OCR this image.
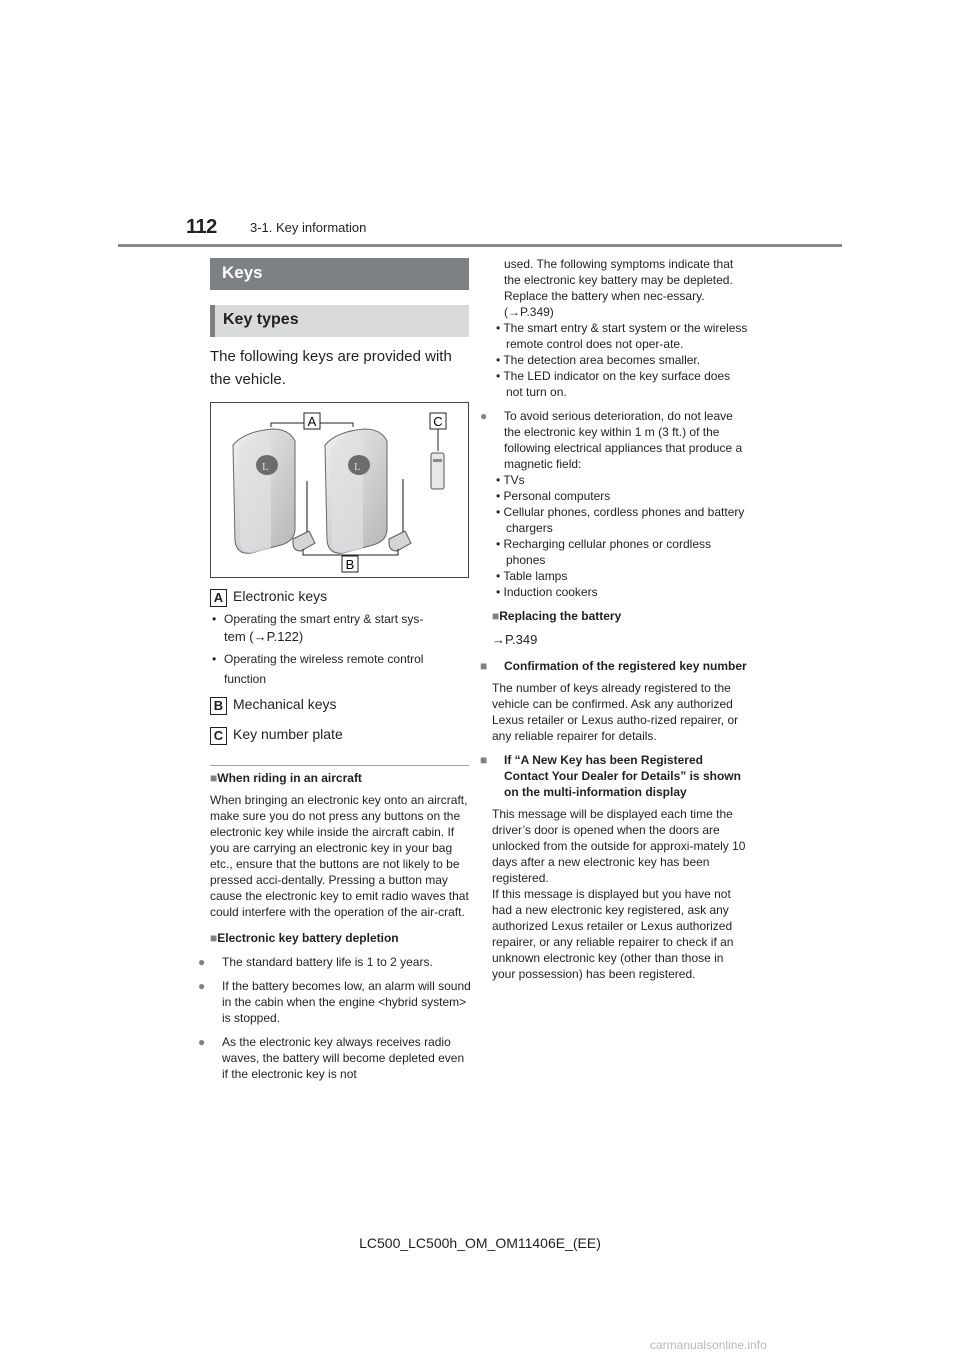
112	3-1. Key information
Keys
Key types
The following keys are provided with the vehicle.
L	L
A	C
B
A Electronic keys
• Operating the smart entry & start sys-
tem (→P.122)
• Operating the wireless remote control
function
B Mechanical keys
C Key number plate

■When riding in an aircraft

When bringing an electronic key onto an aircraft, make sure you do not press any buttons on the electronic key while inside the aircraft cabin. If you are carrying an electronic key in your bag etc., ensure that the buttons are not likely to be pressed acci-dentally. Pressing a button may cause the electronic key to emit radio waves that could interfere with the operation of the air-craft.

■Electronic key battery depletion

● The standard battery life is 1 to 2 years.

● If the battery becomes low, an alarm will sound in the cabin when the engine <hybrid system> is stopped.

● As the electronic key always receives radio waves, the battery will become depleted even if the electronic key is not

used. The following symptoms indicate that the electronic key battery may be depleted. Replace the battery when nec-essary. (→P.349)

• The smart entry & start system or the wireless remote control does not oper-ate.

• The detection area becomes smaller.

• The LED indicator on the key surface does not turn on.

● To avoid serious deterioration, do not leave the electronic key within 1 m (3 ft.) of the following electrical appliances that produce a magnetic field:

• TVs

• Personal computers

• Cellular phones, cordless phones and battery chargers

• Recharging cellular phones or cordless phones

• Table lamps

• Induction cookers

■Replacing the battery

→P.349

■ Confirmation of the registered key number

The number of keys already registered to the vehicle can be confirmed. Ask any authorized Lexus retailer or Lexus autho-rized repairer, or any reliable repairer for details.

■ If “A New Key has been Registered Contact Your Dealer for Details” is shown on the multi-information display

This message will be displayed each time the driver’s door is opened when the doors are unlocked from the outside for approxi-mately 10 days after a new electronic key has been registered.

If this message is displayed but you have not had a new electronic key registered, ask any authorized Lexus retailer or Lexus authorized repairer, or any reliable repairer to check if an unknown electronic key (other than those in your possession) has been registered.

LC500_LC500h_OM_OM11406E_(EE)
carmanualsonline.info
